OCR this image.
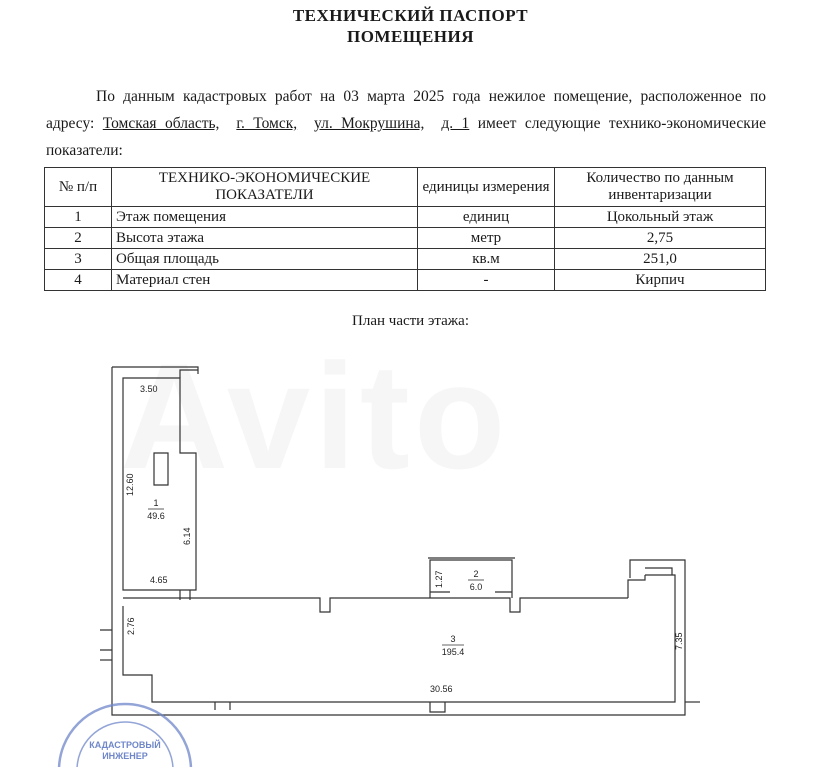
ТЕХНИЧЕСКИЙ ПАСПОРТ
ПОМЕЩЕНИЯ
По данным кадастровых работ на 03 марта 2025 года нежилое помещение, расположенное по адресу: Томская область, г. Томск, ул. Мокрушина, д. 1 имеет следующие технико-экономические показатели:
№ п/п	ТЕХНИКО-ЭКОНОМИЧЕСКИЕ ПОКАЗАТЕЛИ	единицы измерения	Количество по данным инвентаризации
1	Этаж помещения	единиц	Цокольный этаж
2	Высота этажа	метр	2,75
3	Общая площадь	кв.м	251,0
4	Материал стен	-	Кирпич
План части этажа:
3.50
12.60
6.14
4.65
2.76
1.27
7.35
30.56
1
49.6
2
6.0
3
195.4
КАДАСТРОВЫЙ
ИНЖЕНЕР
